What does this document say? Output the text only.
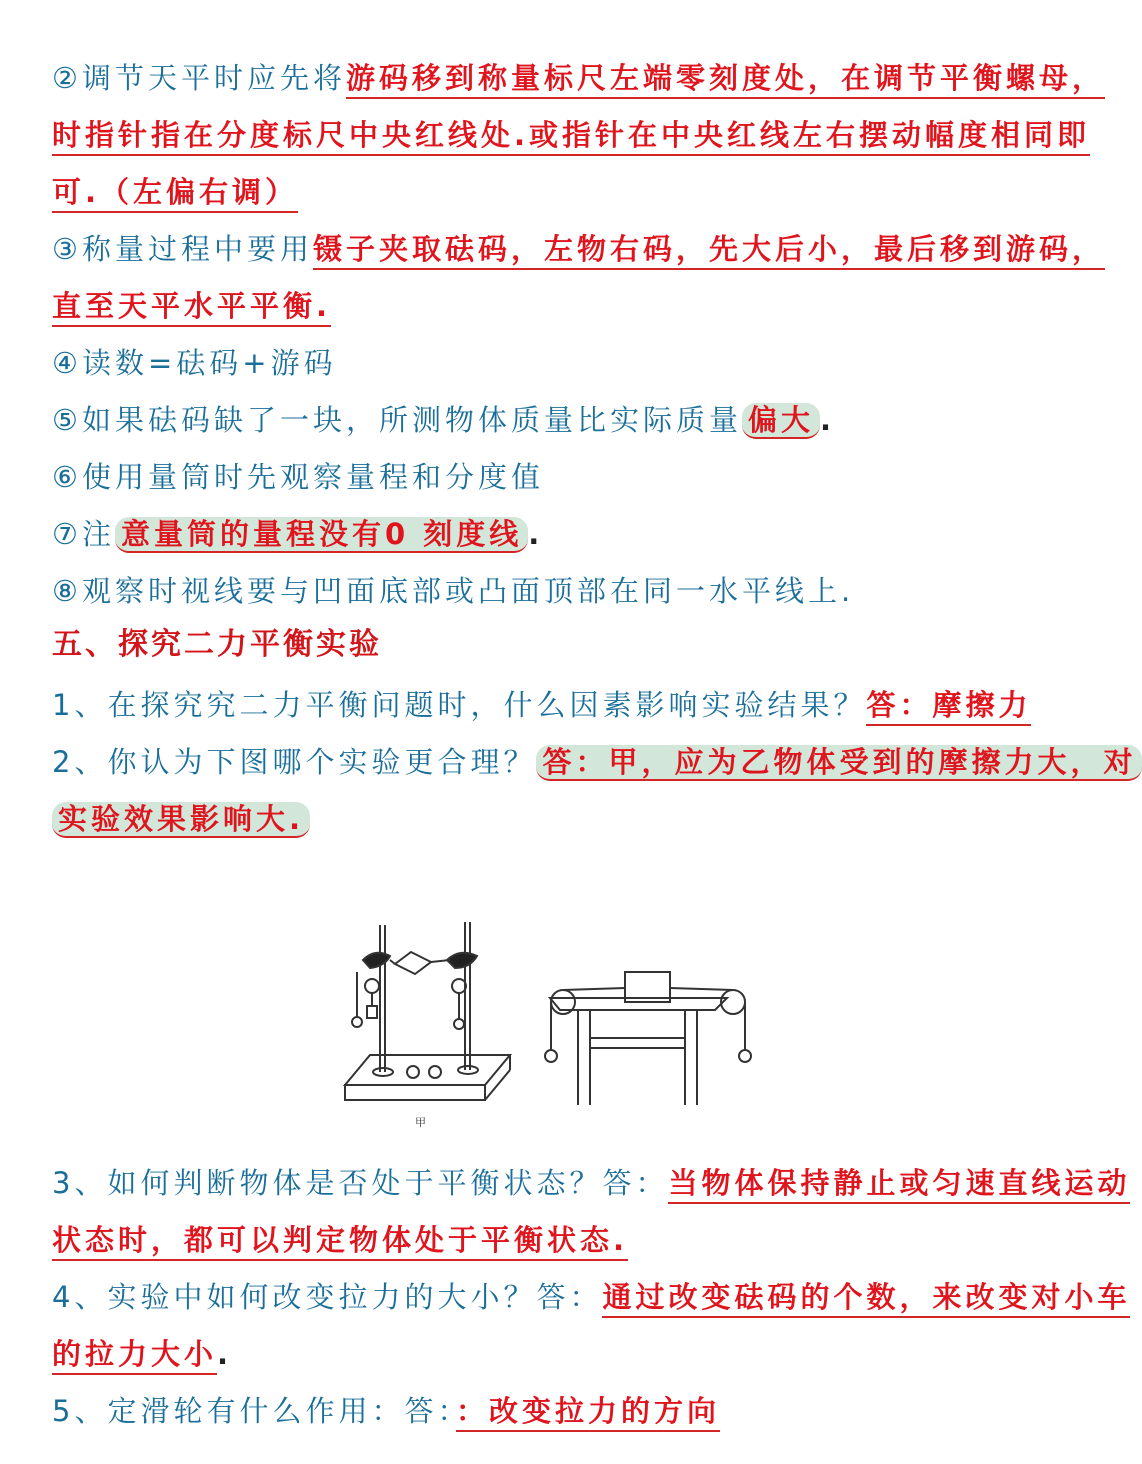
②调节天平时应先将游码移到称量标尺左端零刻度处，在调节平衡螺母，
时指针指在分度标尺中央红线处.或指针在中央红线左右摆动幅度相同即
可.（左偏右调）
③称量过程中要用镊子夹取砝码，左物右码，先大后小，最后移到游码，
直至天平水平平衡.
④读数=砝码+游码
⑤如果砝码缺了一块，所测物体质量比实际质量 偏大 .
⑥使用量筒时先观察量程和分度值
⑦注 意量筒的量程没有0 刻度线 .
⑧观察时视线要与凹面底部或凸面顶部在同一水平线上.
五、探究二力平衡实验
1、在探究究二力平衡问题时，什么因素影响实验结果？答：摩擦力
2、你认为下图哪个实验更合理？ 答：甲，应为乙物体受到的摩擦力大，对
实验效果影响大.
甲
3、如何判断物体是否处于平衡状态？答：当物体保持静止或匀速直线运动
状态时，都可以判定物体处于平衡状态.
4、实验中如何改变拉力的大小？答：通过改变砝码的个数，来改变对小车
的拉力大小.
5、定滑轮有什么作用：答：：改变拉力的方向
